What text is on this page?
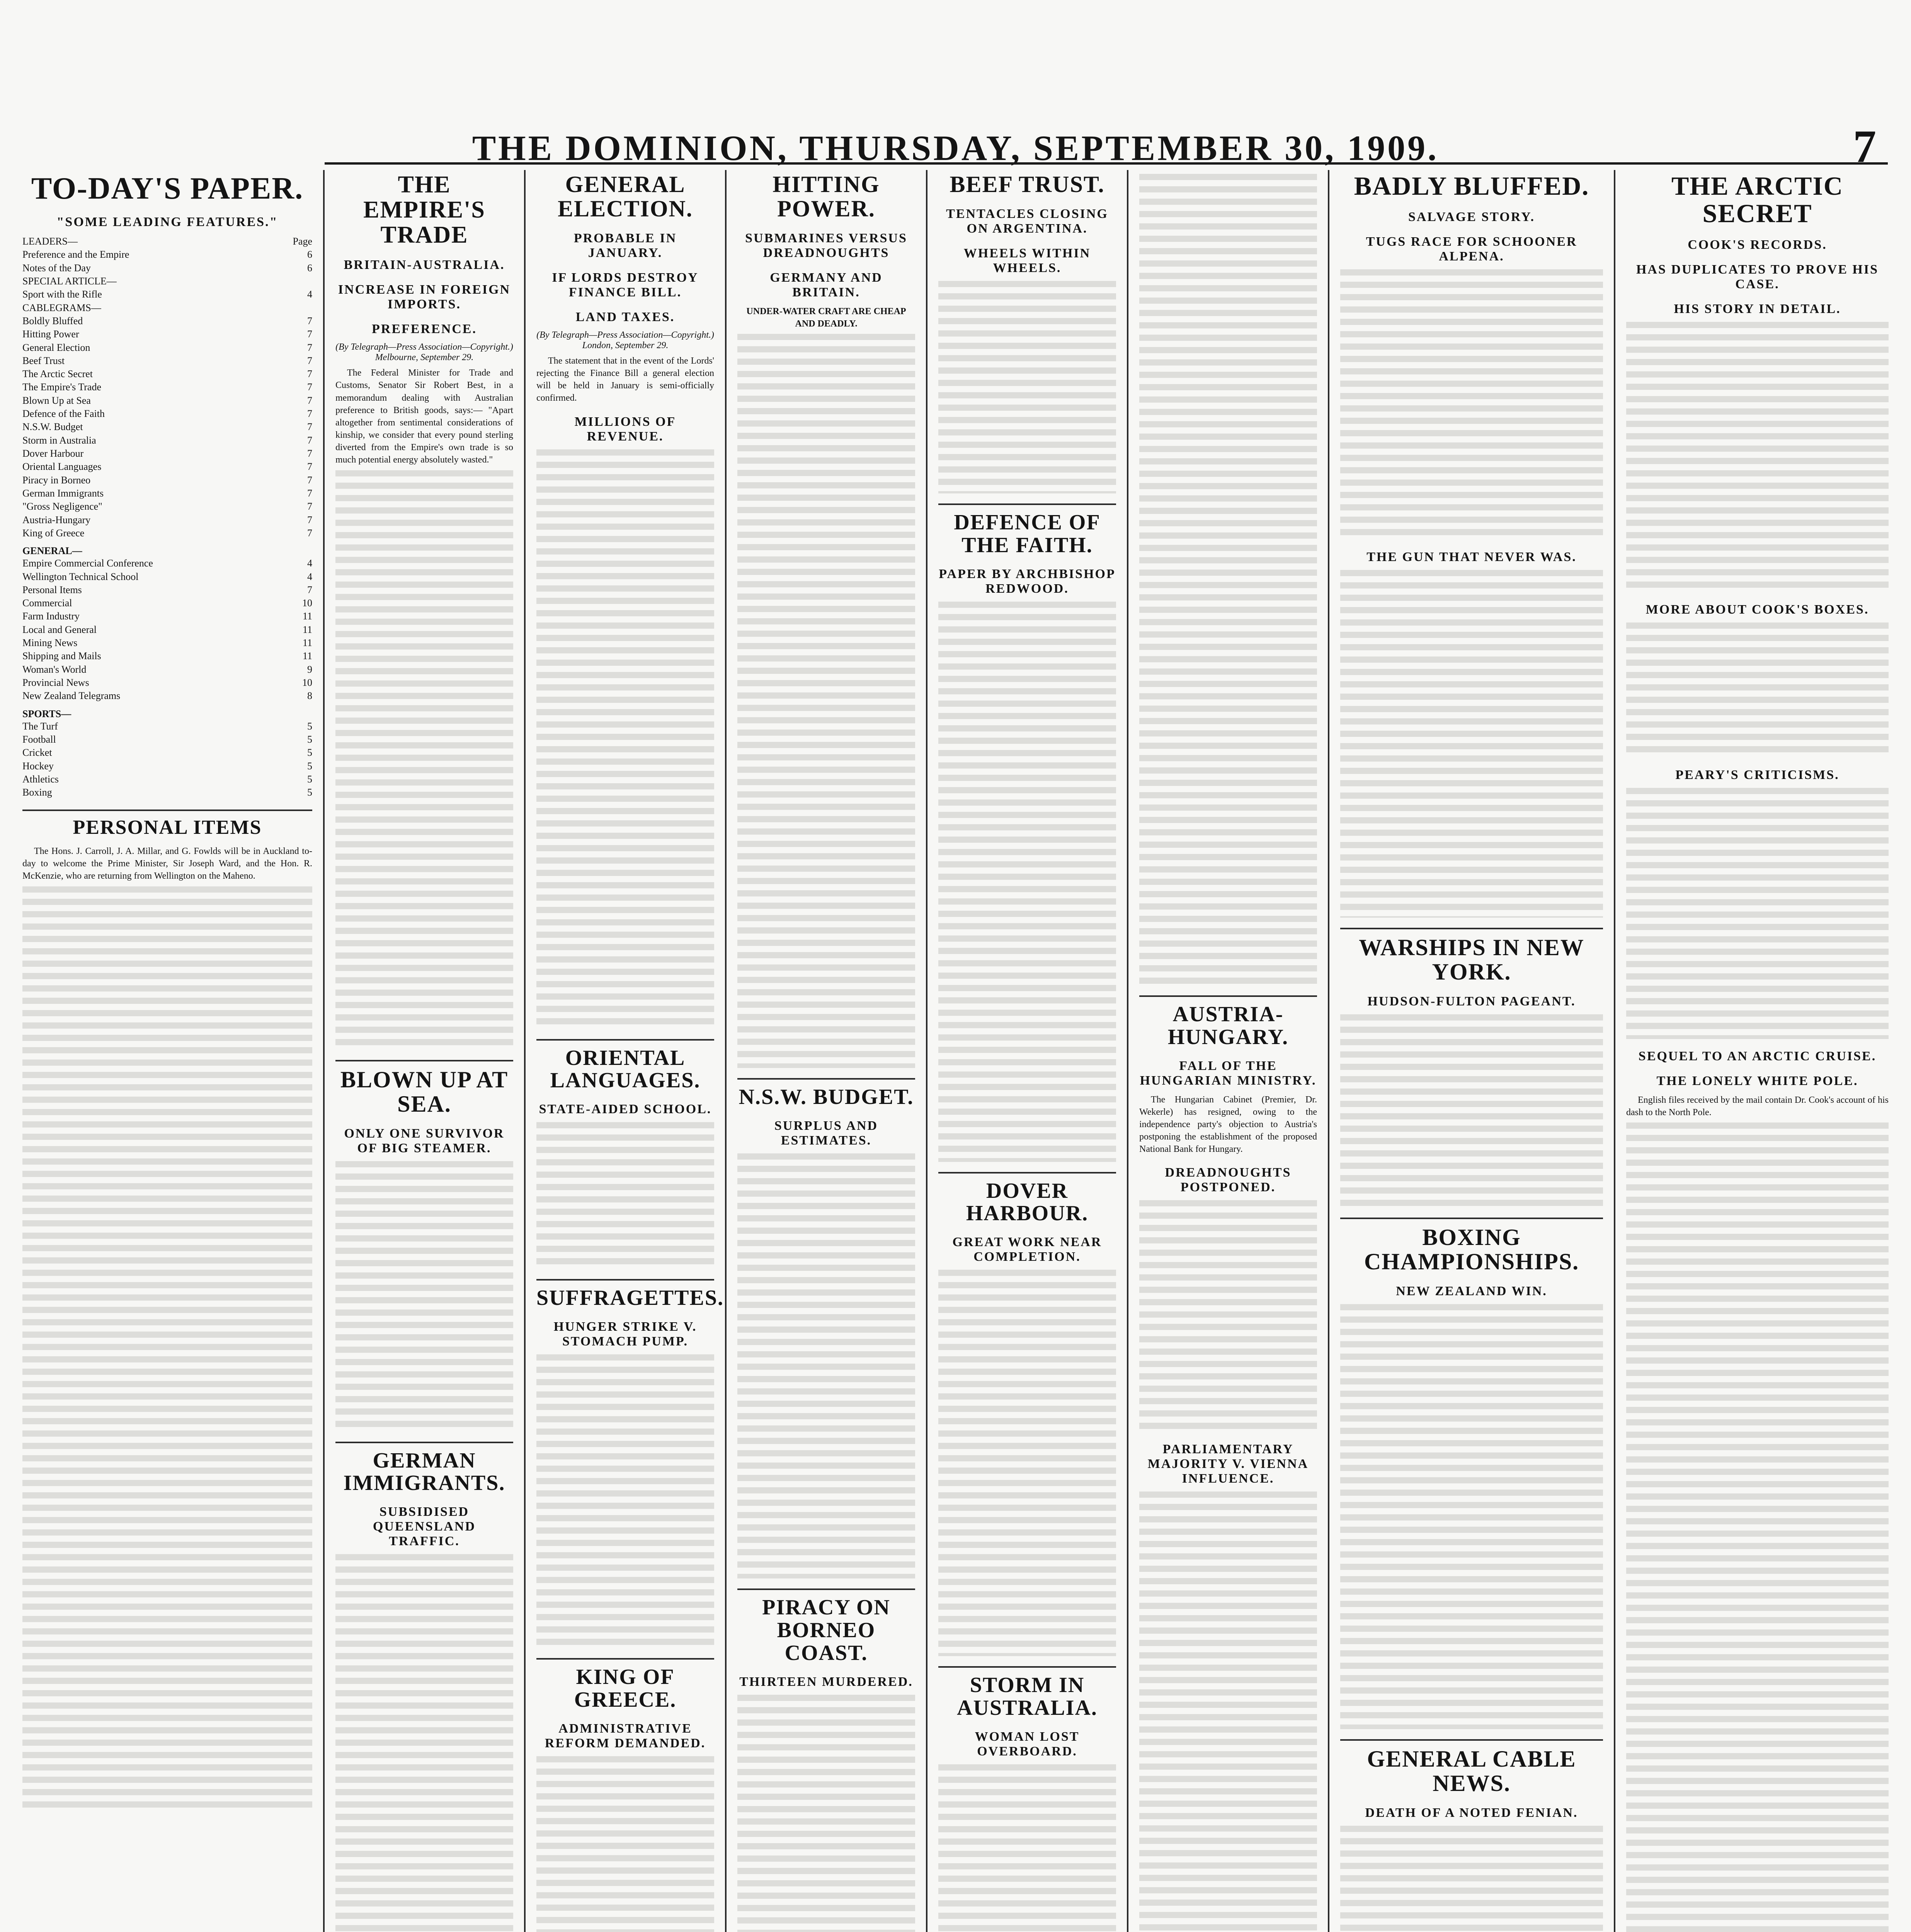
THE DOMINION, THURSDAY, SEPTEMBER 30, 1909.	7
TO-DAY'S PAPER.
"SOME LEADING FEATURES."
LEADERS—	Page
Preference and the Empire	6
Notes of the Day	6
SPECIAL ARTICLE—
Sport with the Rifle	4
CABLEGRAMS—
Boldly Bluffed	7
Hitting Power	7
General Election	7
Beef Trust	7
The Arctic Secret	7
The Empire's Trade	7
Blown Up at Sea	7
Defence of the Faith	7
N.S.W. Budget	7
Storm in Australia	7
Dover Harbour	7
Oriental Languages	7
Piracy in Borneo	7
German Immigrants	7
"Gross Negligence"	7
Austria-Hungary	7
King of Greece	7
GENERAL—
Empire Commercial Conference	4
Wellington Technical School	4
Personal Items	7
Commercial	10
Farm Industry	11
Local and General	11
Mining News	11
Shipping and Mails	11
Woman's World	9
Provincial News	10
New Zealand Telegrams	8
SPORTS—
The Turf	5
Football	5
Cricket	5
Hockey	5
Athletics	5
Boxing	5
PERSONAL ITEMS

The Hons. J. Carroll, J. A. Millar, and G. Fowlds will be in Auckland to-day to welcome the Prime Minister, Sir Joseph Ward, and the Hon. R. McKenzie, who are returning from Wellington on the Maheno.

THE EMPIRE'S TRADE
BRITAIN-AUSTRALIA.
INCREASE IN FOREIGN IMPORTS.
PREFERENCE.
(By Telegraph—Press Association—Copyright.) Melbourne, September 29.

The Federal Minister for Trade and Customs, Senator Sir Robert Best, in a memorandum dealing with Australian preference to British goods, says:— "Apart altogether from sentimental considerations of kinship, we consider that every pound sterling diverted from the Empire's own trade is so much potential energy absolutely wasted."

BLOWN UP AT SEA.
ONLY ONE SURVIVOR OF BIG STEAMER.
GERMAN IMMIGRANTS.
SUBSIDISED QUEENSLAND TRAFFIC.
GENERAL ELECTION.
PROBABLE IN JANUARY.
IF LORDS DESTROY FINANCE BILL.
LAND TAXES.
(By Telegraph—Press Association—Copyright.) London, September 29.

The statement that in the event of the Lords' rejecting the Finance Bill a general election will be held in January is semi-officially confirmed.

MILLIONS OF REVENUE.
ORIENTAL LANGUAGES.
STATE-AIDED SCHOOL.
SUFFRAGETTES.
HUNGER STRIKE V. STOMACH PUMP.
KING OF GREECE.
ADMINISTRATIVE REFORM DEMANDED.
HITTING POWER.
SUBMARINES VERSUS DREADNOUGHTS
GERMANY AND BRITAIN.

UNDER-WATER CRAFT ARE CHEAP AND DEADLY.

N.S.W. BUDGET.
SURPLUS AND ESTIMATES.
PIRACY ON BORNEO COAST.
THIRTEEN MURDERED.

BEEF TRUST.
TENTACLES CLOSING ON ARGENTINA.
WHEELS WITHIN WHEELS.
DEFENCE OF THE FAITH.
PAPER BY ARCHBISHOP REDWOOD.
DOVER HARBOUR.
GREAT WORK NEAR COMPLETION.
STORM IN AUSTRALIA.
WOMAN LOST OVERBOARD.

AUSTRIA-HUNGARY.
FALL OF THE HUNGARIAN MINISTRY.

The Hungarian Cabinet (Premier, Dr. Wekerle) has resigned, owing to the independence party's objection to Austria's postponing the establishment of the proposed National Bank for Hungary.

DREADNOUGHTS POSTPONED.
PARLIAMENTARY MAJORITY V. VIENNA INFLUENCE.

BADLY BLUFFED.
SALVAGE STORY.
TUGS RACE FOR SCHOONER ALPENA.
THE GUN THAT NEVER WAS.
WARSHIPS IN NEW YORK.
HUDSON-FULTON PAGEANT.
BOXING CHAMPIONSHIPS.
NEW ZEALAND WIN.
GENERAL CABLE NEWS.
DEATH OF A NOTED FENIAN.
THE ARCTIC SECRET
COOK'S RECORDS.
HAS DUPLICATES TO PROVE HIS CASE.
HIS STORY IN DETAIL.
MORE ABOUT COOK'S BOXES.
PEARY'S CRITICISMS.
SEQUEL TO AN ARCTIC CRUISE.
THE LONELY WHITE POLE.

English files received by the mail contain Dr. Cook's account of his dash to the North Pole.
